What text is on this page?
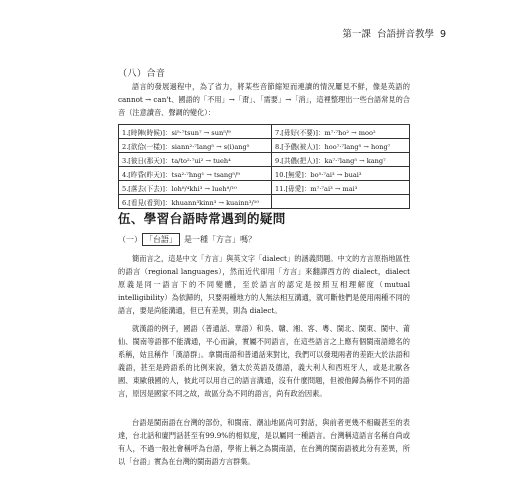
第一課 台語拼音教學 9
（八）合音

語言的發展過程中，為了省力，將某些音節縮短而連讀的情況屢見不鮮，像是英語的 cannot → can't、國語的「不用」→「甭」、「需要」→「消」，這裡整理出一些台語常見的合音（注意讀音、聲調的變化）：

1.[時陣(時候)]：si⁵·⁷tsun⁷ → sun⁵/⁹	7.[毋好(不要)]：m⁷·⁷ho² → moo²
2.[欲佮(一樣)]：siann²·⁷lang⁵ → s(i)ang⁵	8.[予儂(被人)]：hoo⁷·⁷lang⁵ → hong⁷
3.[彼日(那天)]：ta/to²·⁷ui² → tueh⁴	9.[共儂(把人)]：ka⁷·⁷lang⁵ → kang⁷
4.[昨昏(昨天)]：tsa²·⁷hng¹ → tsang⁵/⁹	10.[無愛]：bo⁵·⁷ai³ → buai³
5.[落去(下去)]：loh⁸/⁴khi³ → lueh⁸/¹⁰	11.[毋愛]：m⁷·⁷ai³ → mai³
6.[看見(看到)]：khuann³kinn³ → kuainn³/¹⁰	
伍、學習台語時常遇到的疑問
（一） 「台語」 是一種「方言」嗎？

簡而言之，這是中文「方言」與英文字「dialect」的涵義問題。中文的方言原指地區性的語言（regional languages），然而近代卻用「方言」來翻譯西方的 dialect，dialect 原義是同一語言下的不同變體，至於語言的認定是按照互相理解度（mutual intelligibility）為依歸的，只要兩種地方的人無法相互溝通，就可斷他們是使用兩種不同的語言，要是尚能溝通，但已有差異，則為 dialect。

就漢語的例子，國語（普通話、華語）和吳、贛、湘、客、粵、閩北、閩東、閩中、莆仙、閩南等語都不能溝通，平心而論，實屬不同語言，在這些語言之上應有個閩南語總名的系稱，姑且稱作「漢語群」。拿閩南語和普通話來對比，我們可以發現兩者的差距大於法語和義語，甚至是跨語系的比例來說，猶太於英語及德語，義大利人和西班牙人，或是北歐各國、東歐俄國的人，彼此可以用自己的語言溝通，沒有什麼問題，但被他歸為稱作不同的語言，原因是國家不同之故，故區分為不同的語言，尚有政治因素。

台語是閩南語在台灣的部份，和閩南、潮汕地區尚可對話，與前者更幾不相礙甚至的表達，台北話和廈門話甚至有99.9%的相似度，是以屬同一種語言。台灣稱這語言名稱自尚或有人，不過一般社會稱呼為台語，學術上稱之為閩南語，在台灣的閩南語被此分有差異，所以「台語」實為在台灣的閩南語方言群集。
